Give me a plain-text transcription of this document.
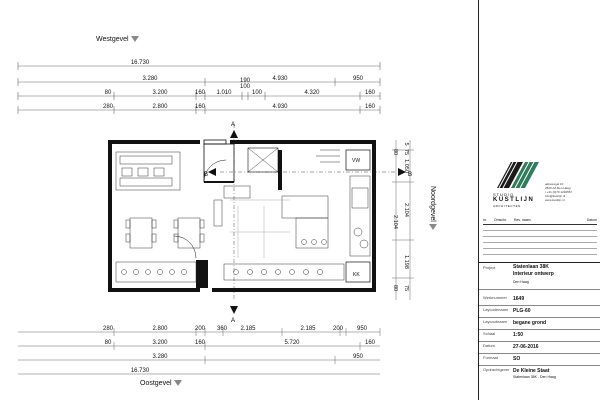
Westgevel
Oostgevel
16.730
3.280	4.930	950
80	3.200	160 1.010
190
100
100	4.320	160
280	2.800	160	4.930	160
280	2.800	200 360 2.185	2.185	200 950
80	3.200	160	5.720	160
3.280	950
16.730
5
75
80
1.050
2.104
2.104
1.198
80 75
VW
KK
A
A
B	B
Noordgevel	STUDIO
KUSTLIJN
ARCHITECTEN
adresregel 10
2500 AA Den Haag
t +31 (0)70 1234567
info@kustlijn.nl
www.kustlijn.nl
nr. Omschr. Rev. naam	Datum
Project	Statenlaan 38K
Interieur ontwerp
Den Haag
Werknummer 1649
Laycodenaam PLG-60
Laycoutnaam begane grond
Schaal	1:50
Datum	27-06-2016
Formaat	SO
Opdrachtgever De Kleine Staat
Statenlaan 38K - Den Haag
